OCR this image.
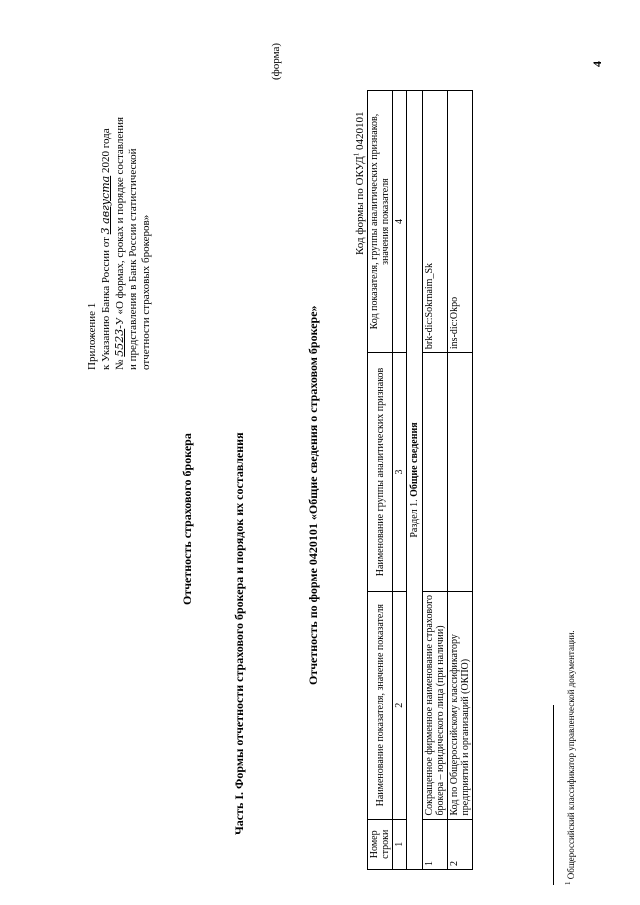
Приложение 1 к Указанию Банка России от 3 августа 2020 года
№ 5523-У «О формах, сроках и порядке составления и представления в Банк России статистической отчетности страховых брокеров»
(форма)
Отчетность страхового брокера	Часть I. Формы отчетности страхового брокера и порядок их составления	Отчетность по форме 0420101 «Общие сведения о страховом брокере»
Код формы по ОКУД$^1$ 0420101
Номер строки	Наименование показателя, значение показателя	Наименование группы аналитических признаков	Код показателя, группы аналитических признаков, значения показателя
1	2	3	4
Раздел 1. Общие сведения			
1	Сокращенное фирменное наименование страхового брокера – юридического лица (при наличии)		brk-dic:Sokrnaim_Sk
2	Код по Общероссийскому классификатору предприятий и организаций (ОКПО)		ins-dic:Okpo
$^1$ Общероссийский классификатор управленческой документации.
4
